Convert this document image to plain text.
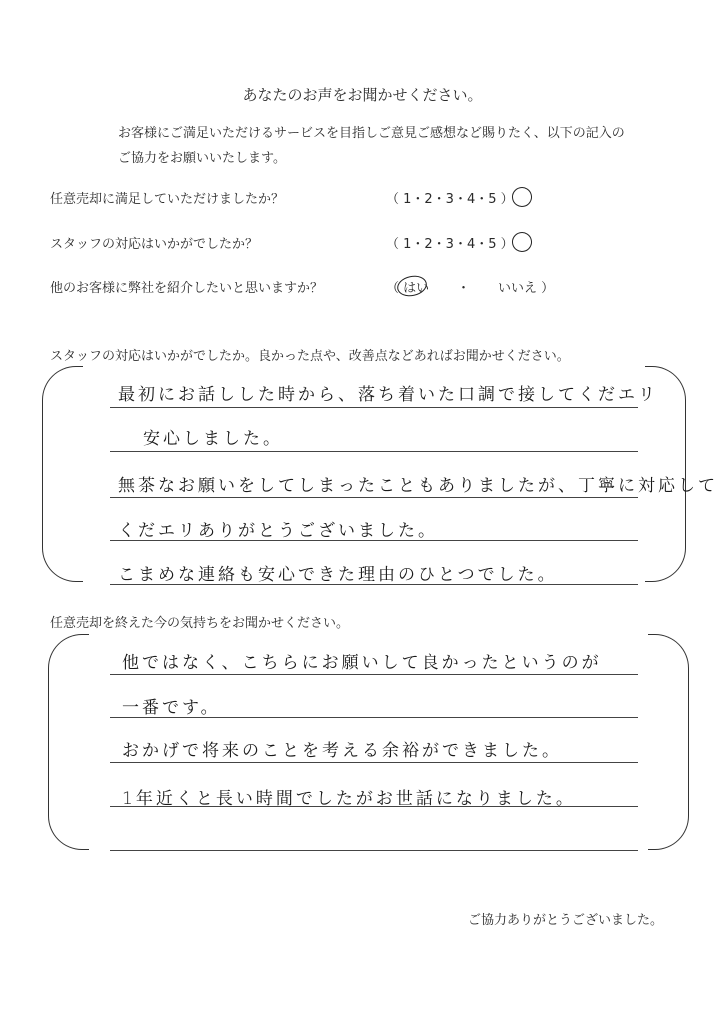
あなたのお声をお聞かせください。
お客様にご満足いただけるサービスを目指しご意見ご感想など賜りたく、以下の記入の
ご協力をお願いいたします。
任意売却に満足していただけましたか？	（ 1・2・3・4・5 ）
スタッフの対応はいかがでしたか？	（ 1・2・3・4・5 ）
他のお客様に弊社を紹介したいと思いますか？	（ はい ・ いいえ ）
スタッフの対応はいかがでしたか。良かった点や、改善点などあればお聞かせください。
最初にお話しした時から、落ち着いた口調で接してくだエリ
安心しました。
無茶なお願いをしてしまったこともありましたが、丁寧に対応して
くだエリありがとうございました。
こまめな連絡も安心できた理由のひとつでした。
任意売却を終えた今の気持ちをお聞かせください。
他ではなく、こちらにお願いして良かったというのが
一番です。
おかげで将来のことを考える余裕ができました。
1年近くと長い時間でしたがお世話になりました。
ご協力ありがとうございました。
